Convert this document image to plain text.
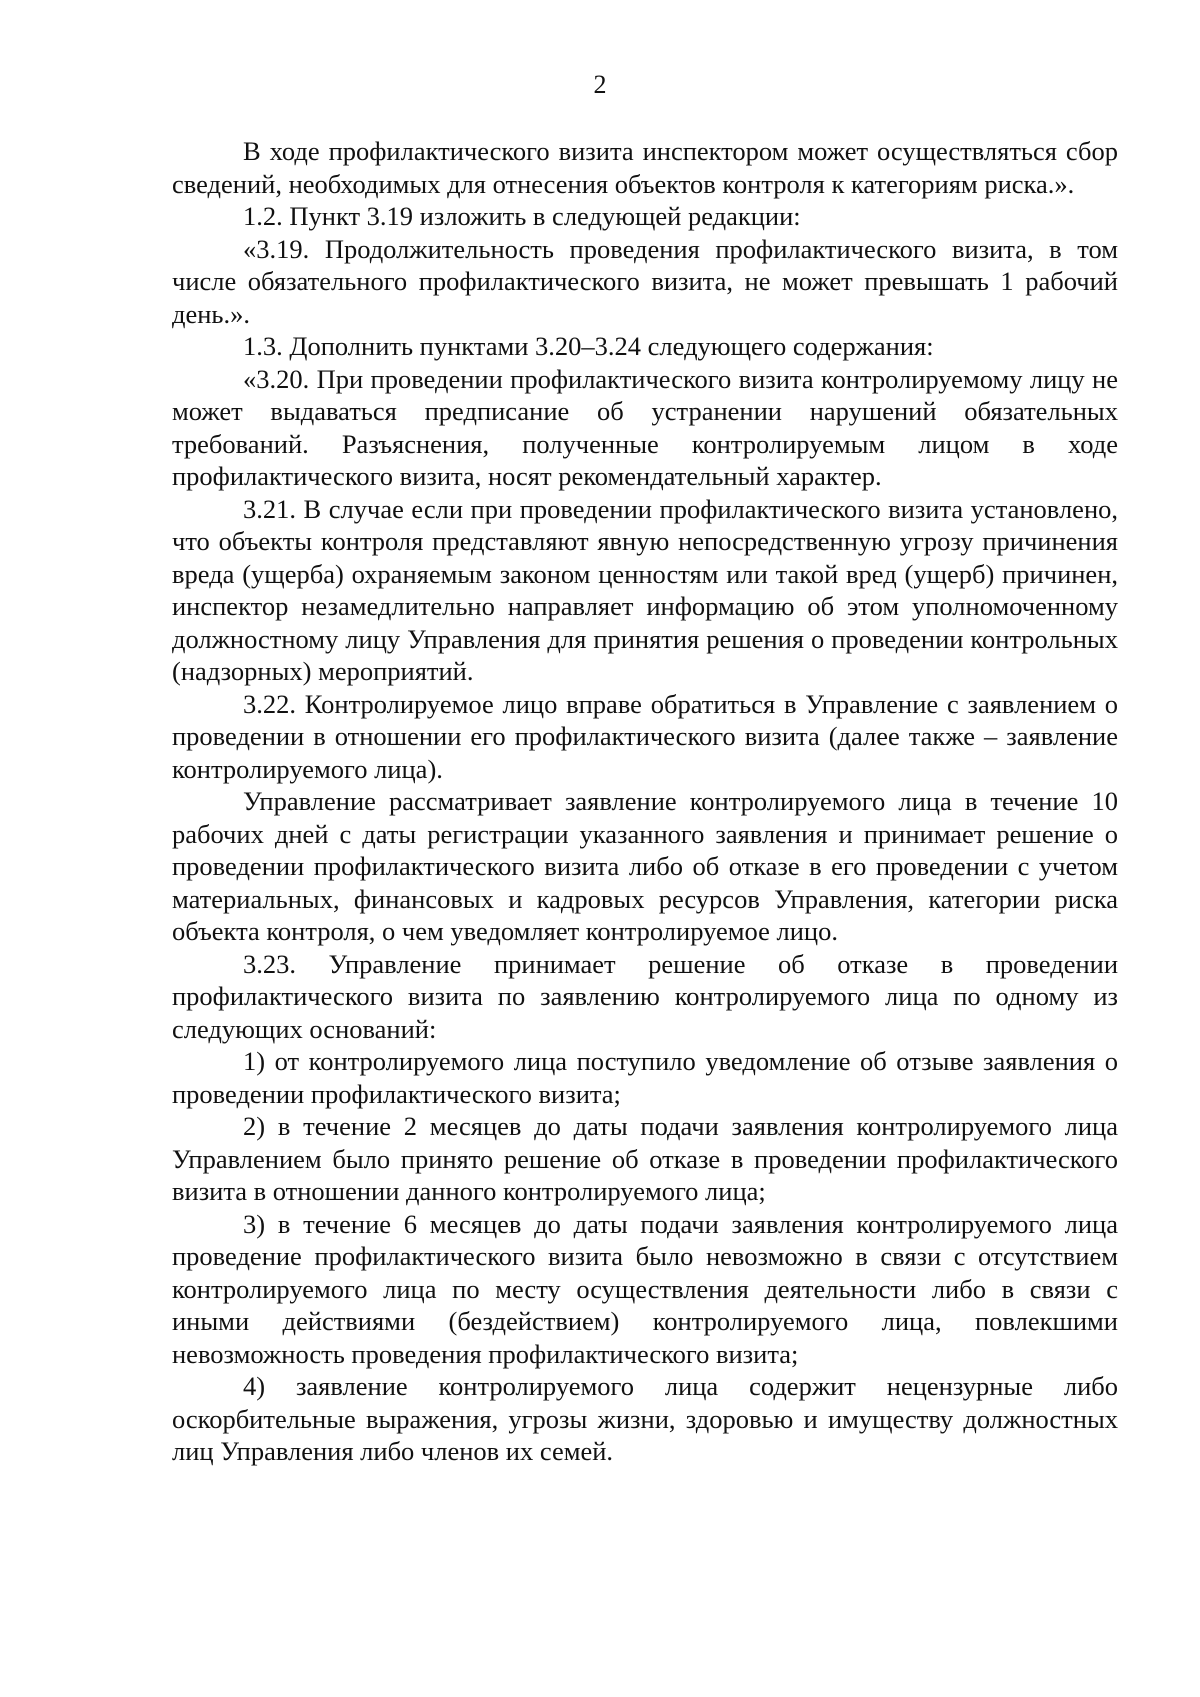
2

В ходе профилактического визита инспектором может осуществляться сбор сведений, необходимых для отнесения объектов контроля к категориям риска.».

1.2. Пункт 3.19 изложить в следующей редакции:

«3.19. Продолжительность проведения профилактического визита, в том числе обязательного профилактического визита, не может превышать 1 рабочий день.».

1.3. Дополнить пунктами 3.20–3.24 следующего содержания:

«3.20. При проведении профилактического визита контролируемому лицу не может выдаваться предписание об устранении нарушений обязательных требований. Разъяснения, полученные контролируемым лицом в ходе профилактического визита, носят рекомендательный характер.

3.21. В случае если при проведении профилактического визита установлено, что объекты контроля представляют явную непосредственную угрозу причинения вреда (ущерба) охраняемым законом ценностям или такой вред (ущерб) причинен, инспектор незамедлительно направляет информацию об этом уполномоченному должностному лицу Управления для принятия решения о проведении контрольных (надзорных) мероприятий.

3.22. Контролируемое лицо вправе обратиться в Управление с заявлением о проведении в отношении его профилактического визита (далее также – заявление контролируемого лица).

Управление рассматривает заявление контролируемого лица в течение 10 рабочих дней с даты регистрации указанного заявления и принимает решение о проведении профилактического визита либо об отказе в его проведении с учетом материальных, финансовых и кадровых ресурсов Управления, категории риска объекта контроля, о чем уведомляет контролируемое лицо.

3.23. Управление принимает решение об отказе в проведении профилактического визита по заявлению контролируемого лица по одному из следующих оснований:

1) от контролируемого лица поступило уведомление об отзыве заявления о проведении профилактического визита;

2) в течение 2 месяцев до даты подачи заявления контролируемого лица Управлением было принято решение об отказе в проведении профилактического визита в отношении данного контролируемого лица;

3) в течение 6 месяцев до даты подачи заявления контролируемого лица проведение профилактического визита было невозможно в связи с отсутствием контролируемого лица по месту осуществления деятельности либо в связи с иными действиями (бездействием) контролируемого лица, повлекшими невозможность проведения профилактического визита;

4) заявление контролируемого лица содержит нецензурные либо оскорбительные выражения, угрозы жизни, здоровью и имуществу должностных лиц Управления либо членов их семей.
